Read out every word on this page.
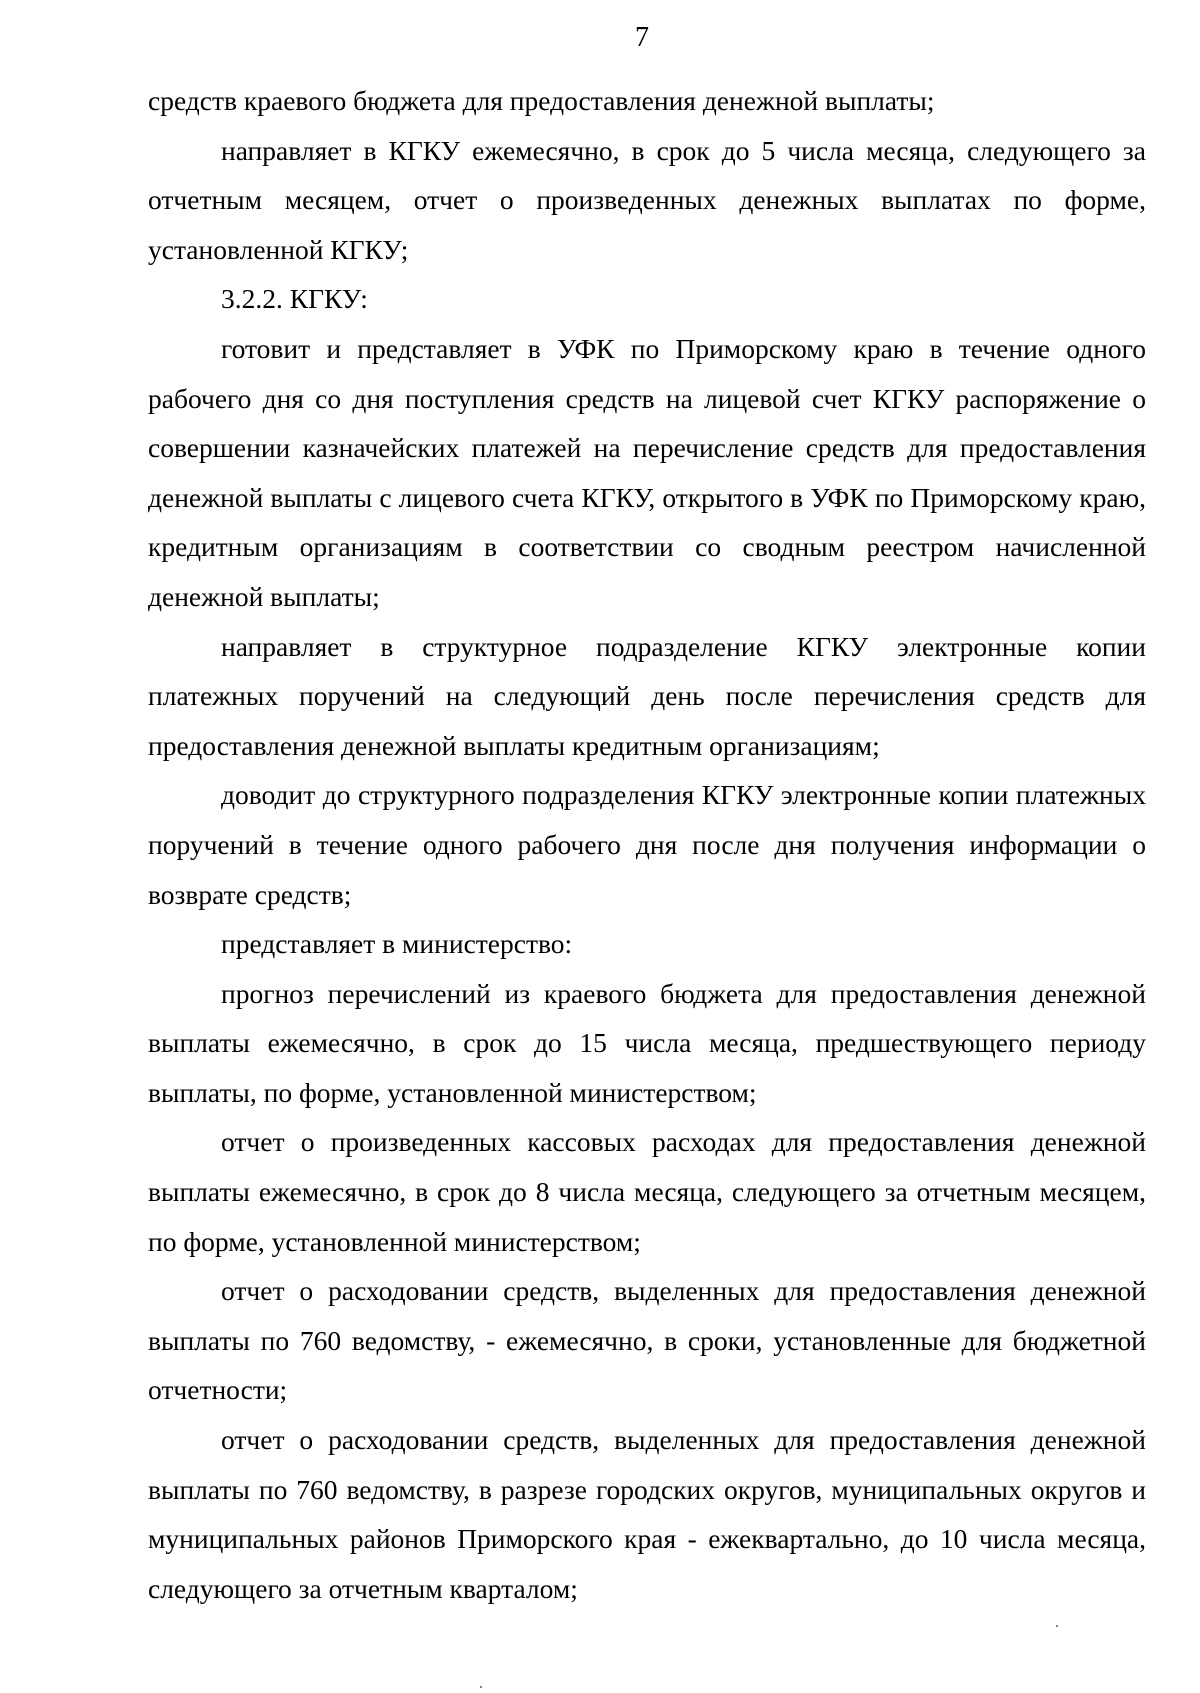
7

средств краевого бюджета для предоставления денежной выплаты;

направляет в КГКУ ежемесячно, в срок до 5 числа месяца, следующего за отчетным месяцем, отчет о произведенных денежных выплатах по форме, установленной КГКУ;

3.2.2. КГКУ:

готовит и представляет в УФК по Приморскому краю в течение одного рабочего дня со дня поступления средств на лицевой счет КГКУ распоряжение о совершении казначейских платежей на перечисление средств для предоставления денежной выплаты с лицевого счета КГКУ, открытого в УФК по Приморскому краю, кредитным организациям в соответствии со сводным реестром начисленной денежной выплаты;

направляет в структурное подразделение КГКУ электронные копии платежных поручений на следующий день после перечисления средств для предоставления денежной выплаты кредитным организациям;

доводит до структурного подразделения КГКУ электронные копии платежных поручений в течение одного рабочего дня после дня получения информации о возврате средств;

представляет в министерство:

прогноз перечислений из краевого бюджета для предоставления денежной выплаты ежемесячно, в срок до 15 числа месяца, предшествующего периоду выплаты, по форме, установленной министерством;

отчет о произведенных кассовых расходах для предоставления денежной выплаты ежемесячно, в срок до 8 числа месяца, следующего за отчетным месяцем, по форме, установленной министерством;

отчет о расходовании средств, выделенных для предоставления денежной выплаты по 760 ведомству, - ежемесячно, в сроки, установленные для бюджетной отчетности;

отчет о расходовании средств, выделенных для предоставления денежной выплаты по 760 ведомству, в разрезе городских округов, муниципальных округов и муниципальных районов Приморского края - ежеквартально, до 10 числа месяца, следующего за отчетным кварталом;
